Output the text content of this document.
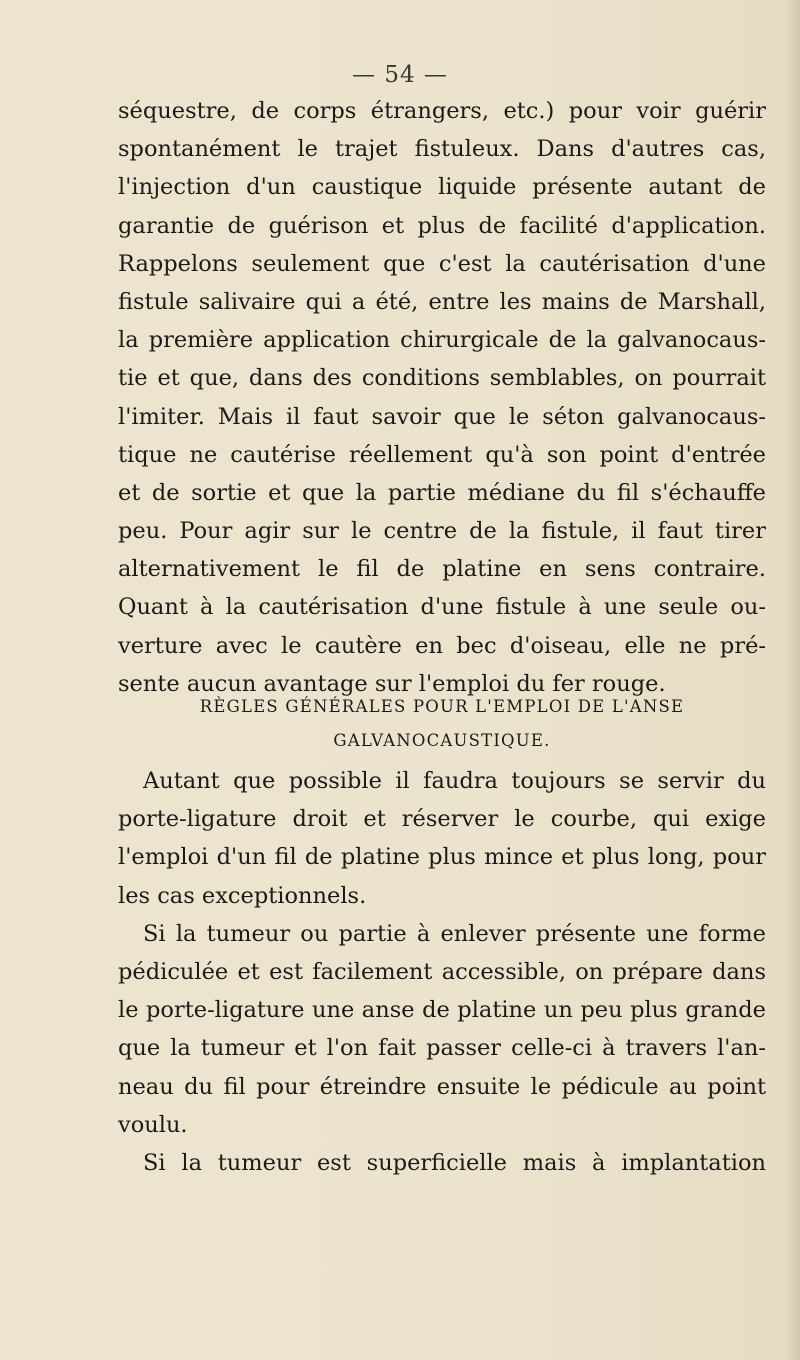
— 54 —
séquestre, de corps étrangers, etc.) pour voir guérir
spontanément le trajet fistuleux. Dans d'autres cas,
l'injection d'un caustique liquide présente autant de
garantie de guérison et plus de facilité d'application.
Rappelons seulement que c'est la cautérisation d'une
fistule salivaire qui a été, entre les mains de Marshall,
la première application chirurgicale de la galvanocaus-
tie et que, dans des conditions semblables, on pourrait
l'imiter. Mais il faut savoir que le séton galvanocaus-
tique ne cautérise réellement qu'à son point d'entrée
et de sortie et que la partie médiane du fil s'échauffe
peu. Pour agir sur le centre de la fistule, il faut tirer
alternativement le fil de platine en sens contraire.
Quant à la cautérisation d'une fistule à une seule ou-
verture avec le cautère en bec d'oiseau, elle ne pré-
sente aucun avantage sur l'emploi du fer rouge.
RÈGLES GÉNÉRALES POUR L'EMPLOI DE L'ANSE
GALVANOCAUSTIQUE.
Autant que possible il faudra toujours se servir du
porte-ligature droit et réserver le courbe, qui exige
l'emploi d'un fil de platine plus mince et plus long, pour
les cas exceptionnels.
Si la tumeur ou partie à enlever présente une forme
pédiculée et est facilement accessible, on prépare dans
le porte-ligature une anse de platine un peu plus grande
que la tumeur et l'on fait passer celle-ci à travers l'an-
neau du fil pour étreindre ensuite le pédicule au point
voulu.
Si la tumeur est superficielle mais à implantation
